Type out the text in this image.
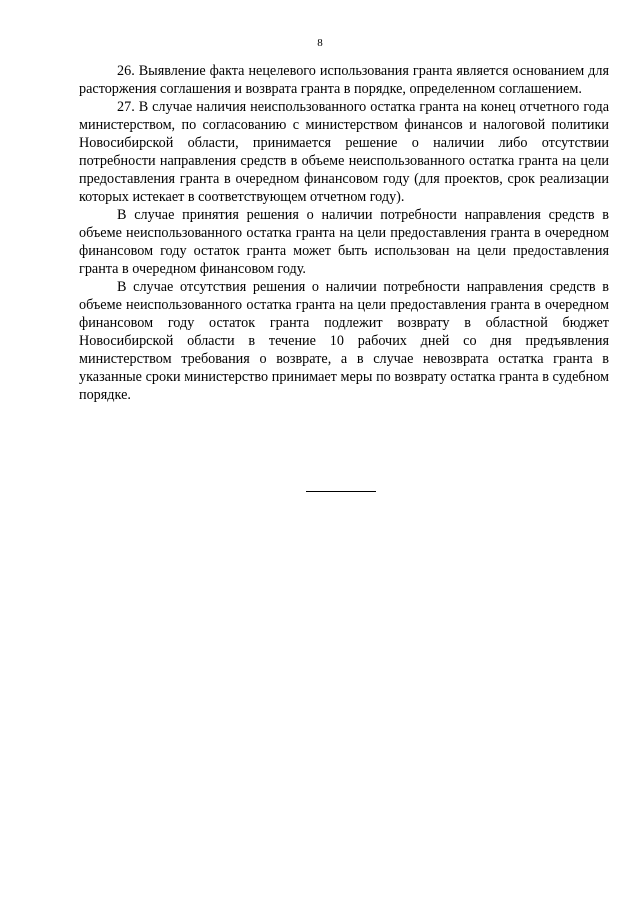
8

26. Выявление факта нецелевого использования гранта является основанием для расторжения соглашения и возврата гранта в порядке, определенном соглашением.

27. В случае наличия неиспользованного остатка гранта на конец отчетного года министерством, по согласованию с министерством финансов и налоговой политики Новосибирской области, принимается решение о наличии либо отсутствии потребности направления средств в объеме неиспользованного остатка гранта на цели предоставления гранта в очередном финансовом году (для проектов, срок реализации которых истекает в соответствующем отчетном году).

В случае принятия решения о наличии потребности направления средств в объеме неиспользованного остатка гранта на цели предоставления гранта в очередном финансовом году остаток гранта может быть использован на цели предоставления гранта в очередном финансовом году.

В случае отсутствия решения о наличии потребности направления средств в объеме неиспользованного остатка гранта на цели предоставления гранта в очередном финансовом году остаток гранта подлежит возврату в областной бюджет Новосибирской области в течение 10 рабочих дней со дня предъявления министерством требования о возврате, а в случае невозврата остатка гранта в указанные сроки министерство принимает меры по возврату остатка гранта в судебном порядке.
